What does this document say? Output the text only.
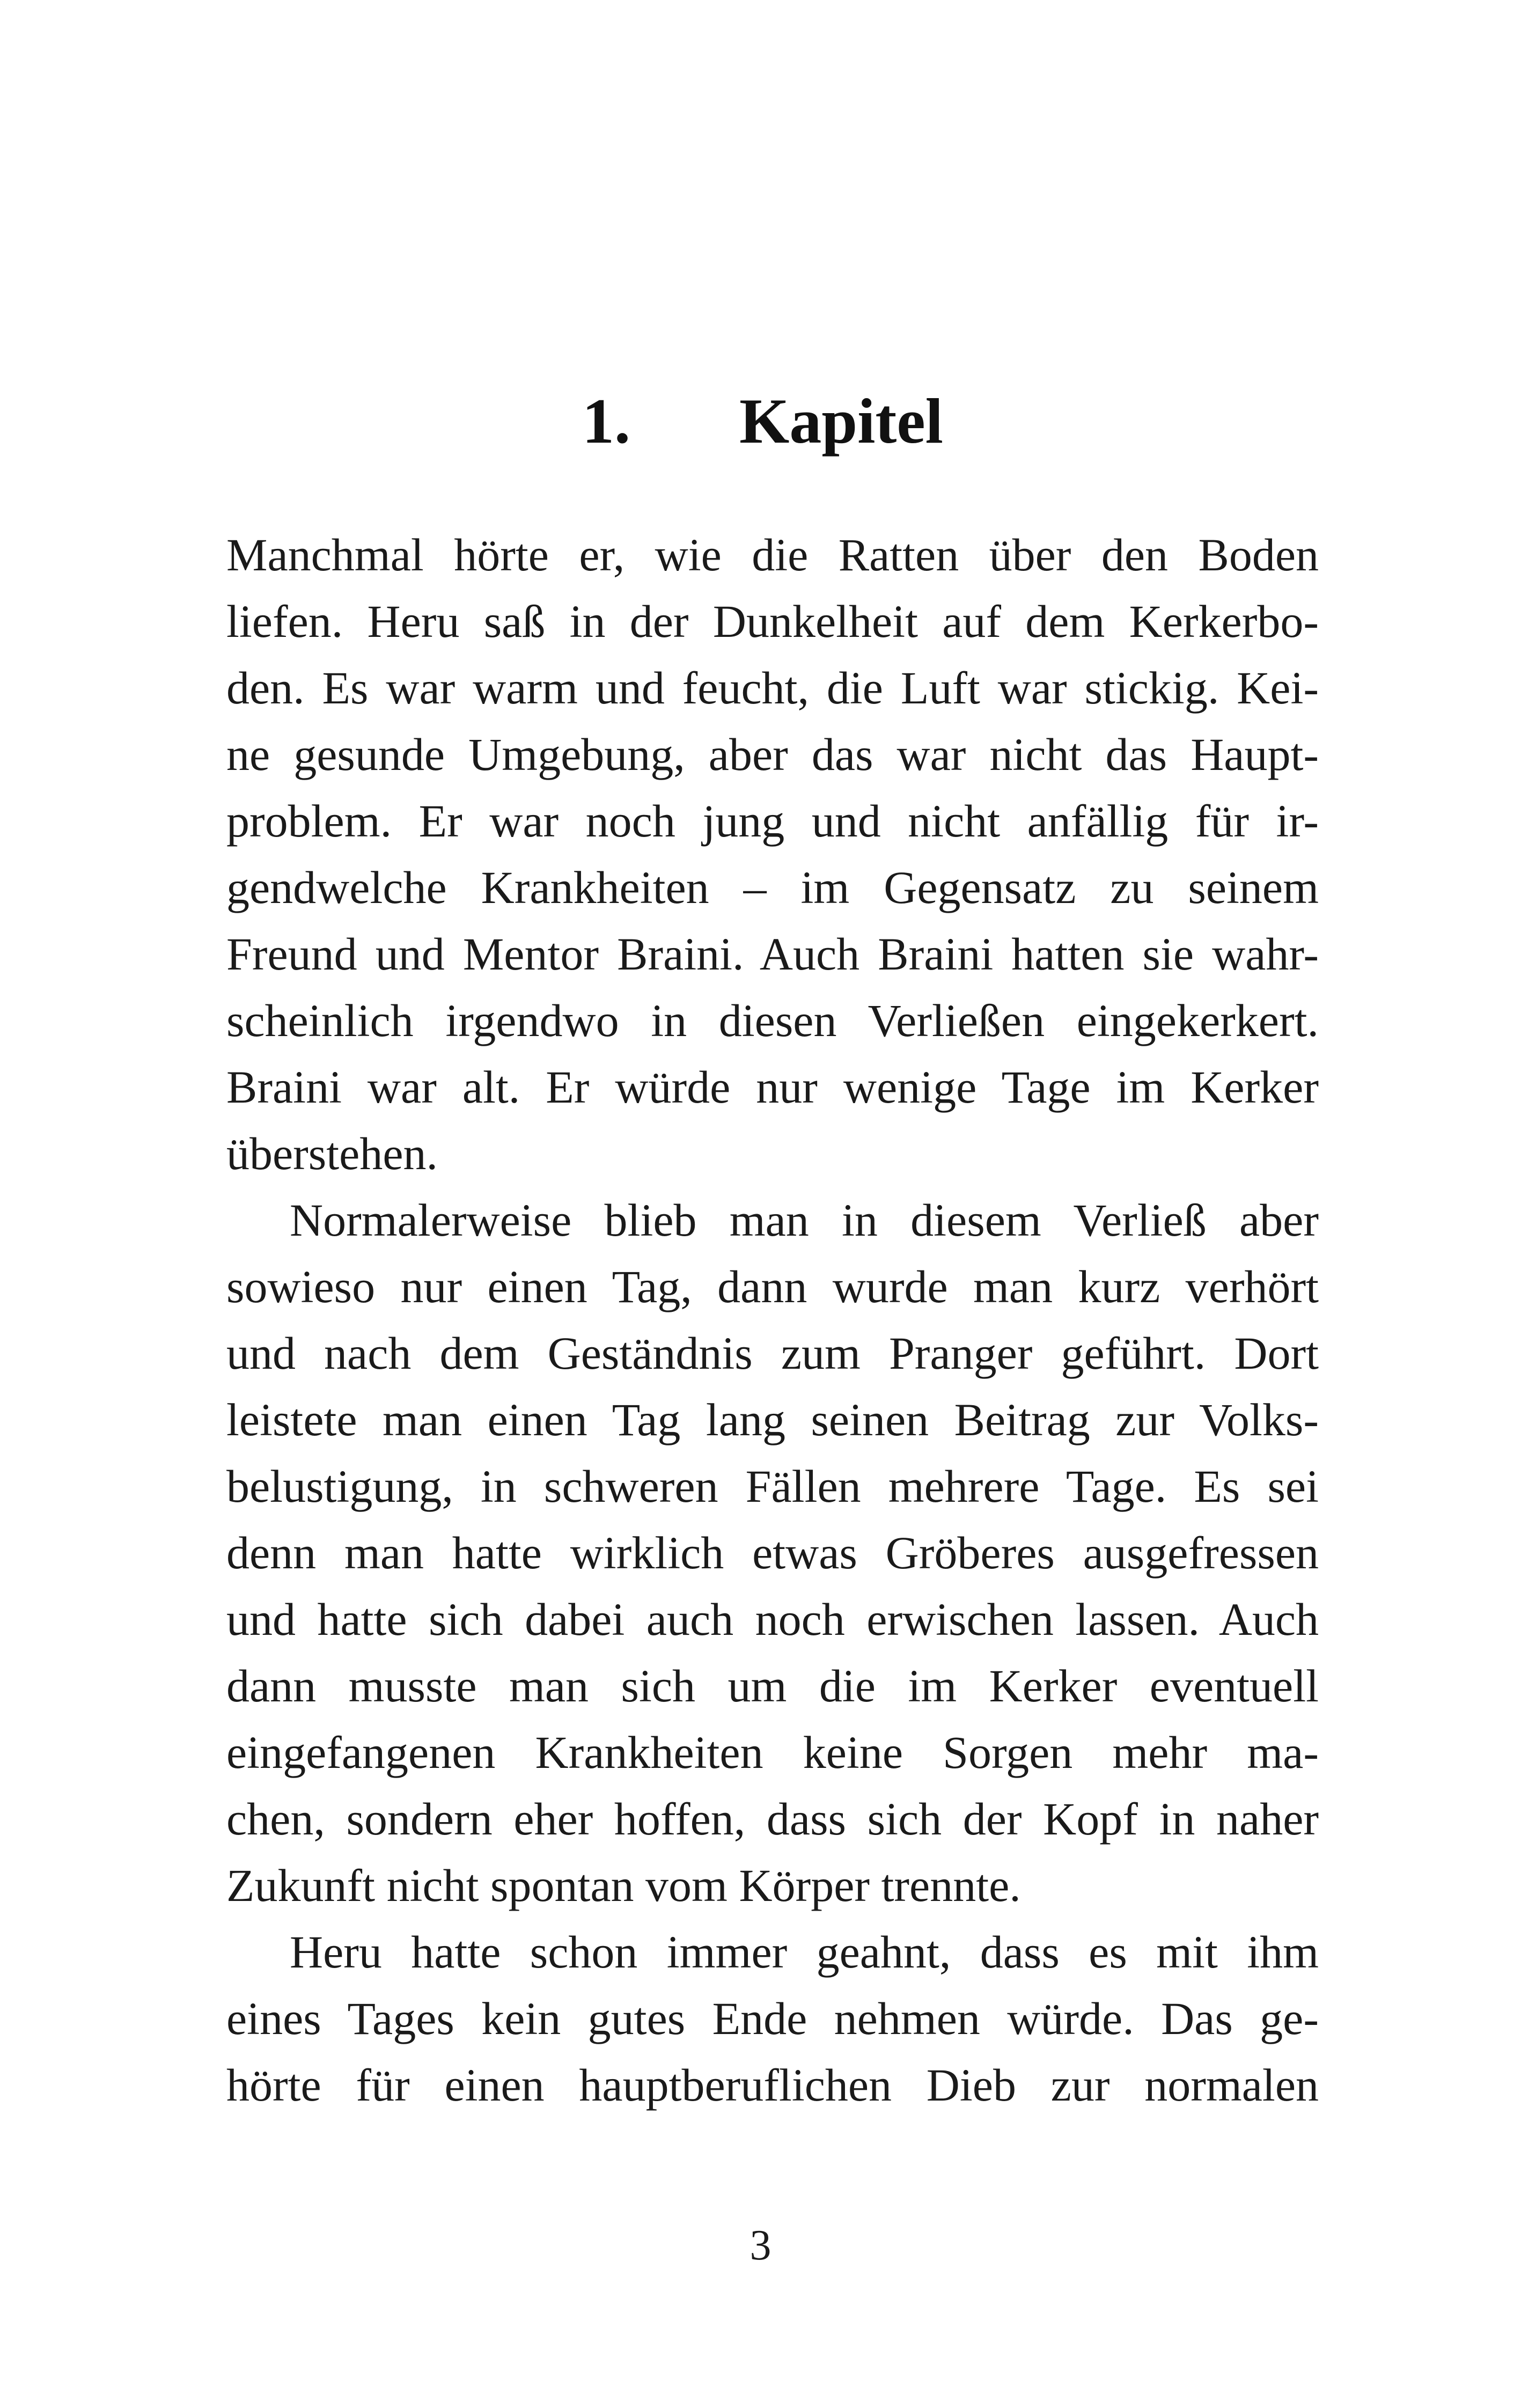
1. Kapitel
Manchmal hörte er, wie die Ratten über den Boden
liefen. Heru saß in der Dunkelheit auf dem Kerkerbo-
den. Es war warm und feucht, die Luft war stickig. Kei-
ne gesunde Umgebung, aber das war nicht das Haupt-
problem. Er war noch jung und nicht anfällig für ir-
gendwelche Krankheiten – im Gegensatz zu seinem
Freund und Mentor Braini. Auch Braini hatten sie wahr-
scheinlich irgendwo in diesen Verließen eingekerkert.
Braini war alt. Er würde nur wenige Tage im Kerker
überstehen.
Normalerweise blieb man in diesem Verließ aber
sowieso nur einen Tag, dann wurde man kurz verhört
und nach dem Geständnis zum Pranger geführt. Dort
leistete man einen Tag lang seinen Beitrag zur Volks-
belustigung, in schweren Fällen mehrere Tage. Es sei
denn man hatte wirklich etwas Gröberes ausgefressen
und hatte sich dabei auch noch erwischen lassen. Auch
dann musste man sich um die im Kerker eventuell
eingefangenen Krankheiten keine Sorgen mehr ma-
chen, sondern eher hoffen, dass sich der Kopf in naher
Zukunft nicht spontan vom Körper trennte.
Heru hatte schon immer geahnt, dass es mit ihm
eines Tages kein gutes Ende nehmen würde. Das ge-
hörte für einen hauptberuflichen Dieb zur normalen
3
